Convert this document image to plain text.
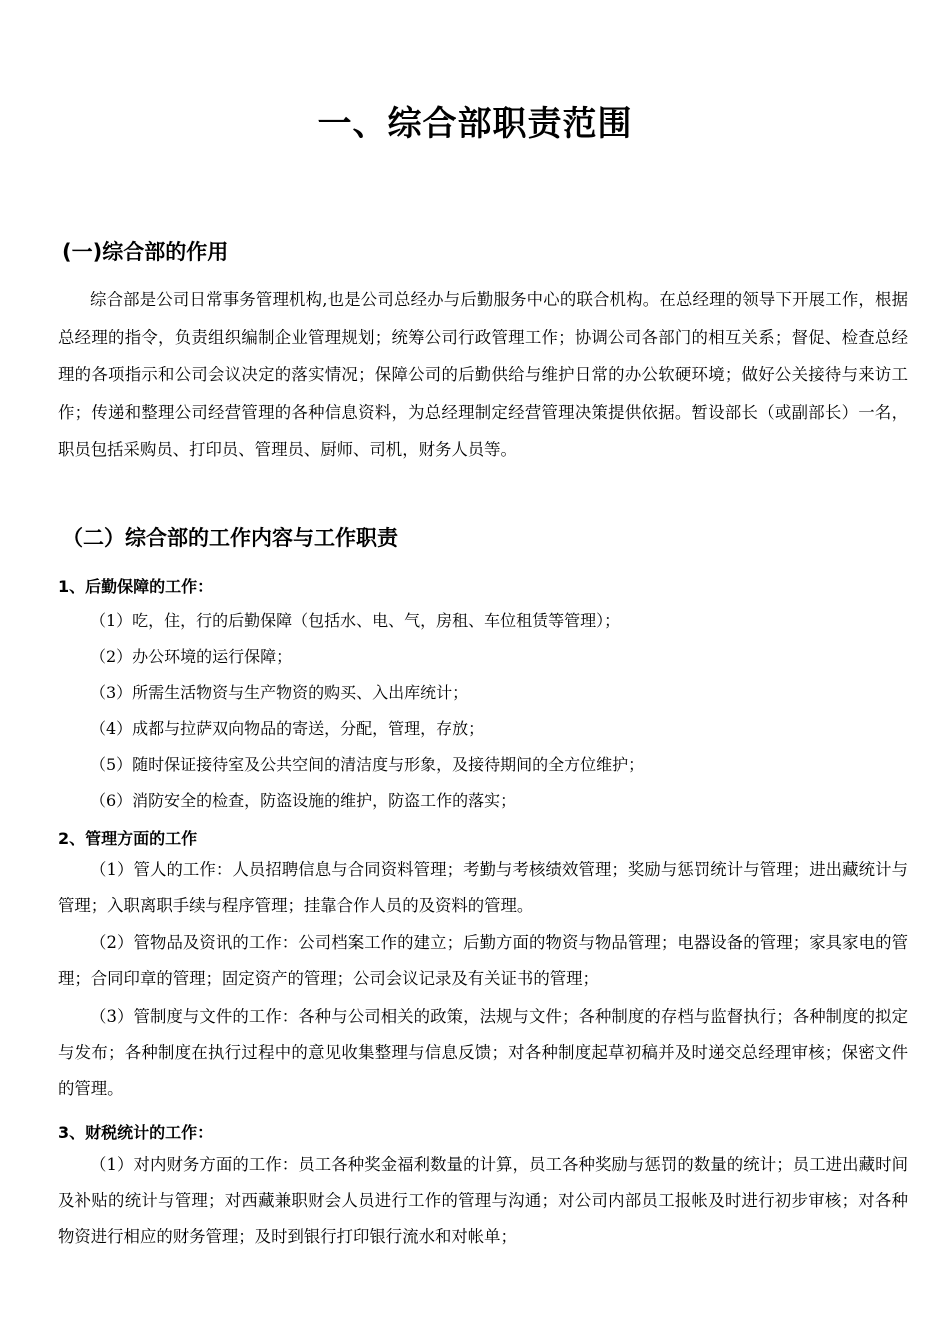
一、综合部职责范围
(一)综合部的作用

综合部是公司日常事务管理机构,也是公司总经办与后勤服务中心的联合机构。在总经理的领导下开展工作，根据总经理的指令，负责组织编制企业管理规划；统筹公司行政管理工作；协调公司各部门的相互关系；督促、检查总经理的各项指示和公司会议决定的落实情况；保障公司的后勤供给与维护日常的办公软硬环境；做好公关接待与来访工作；传递和整理公司经营管理的各种信息资料，为总经理制定经营管理决策提供依据。暂设部长（或副部长）一名，职员包括采购员、打印员、管理员、厨师、司机，财务人员等。

（二）综合部的工作内容与工作职责
1、后勤保障的工作：
（1）吃，住，行的后勤保障（包括水、电、气，房租、车位租赁等管理）；
（2）办公环境的运行保障；
（3）所需生活物资与生产物资的购买、入出库统计；
（4）成都与拉萨双向物品的寄送，分配，管理，存放；
（5）随时保证接待室及公共空间的清洁度与形象，及接待期间的全方位维护；
（6）消防安全的检查，防盗设施的维护，防盗工作的落实；
2、管理方面的工作

（1）管人的工作：人员招聘信息与合同资料管理；考勤与考核绩效管理；奖励与惩罚统计与管理；进出藏统计与管理；入职离职手续与程序管理；挂靠合作人员的及资料的管理。

（2）管物品及资讯的工作：公司档案工作的建立；后勤方面的物资与物品管理；电器设备的管理；家具家电的管理；合同印章的管理；固定资产的管理；公司会议记录及有关证书的管理；

（3）管制度与文件的工作：各种与公司相关的政策，法规与文件；各种制度的存档与监督执行；各种制度的拟定与发布；各种制度在执行过程中的意见收集整理与信息反馈；对各种制度起草初稿并及时递交总经理审核；保密文件的管理。

3、财税统计的工作：

（1）对内财务方面的工作：员工各种奖金福利数量的计算，员工各种奖励与惩罚的数量的统计；员工进出藏时间及补贴的统计与管理；对西藏兼职财会人员进行工作的管理与沟通；对公司内部员工报帐及时进行初步审核；对各种物资进行相应的财务管理；及时到银行打印银行流水和对帐单；
